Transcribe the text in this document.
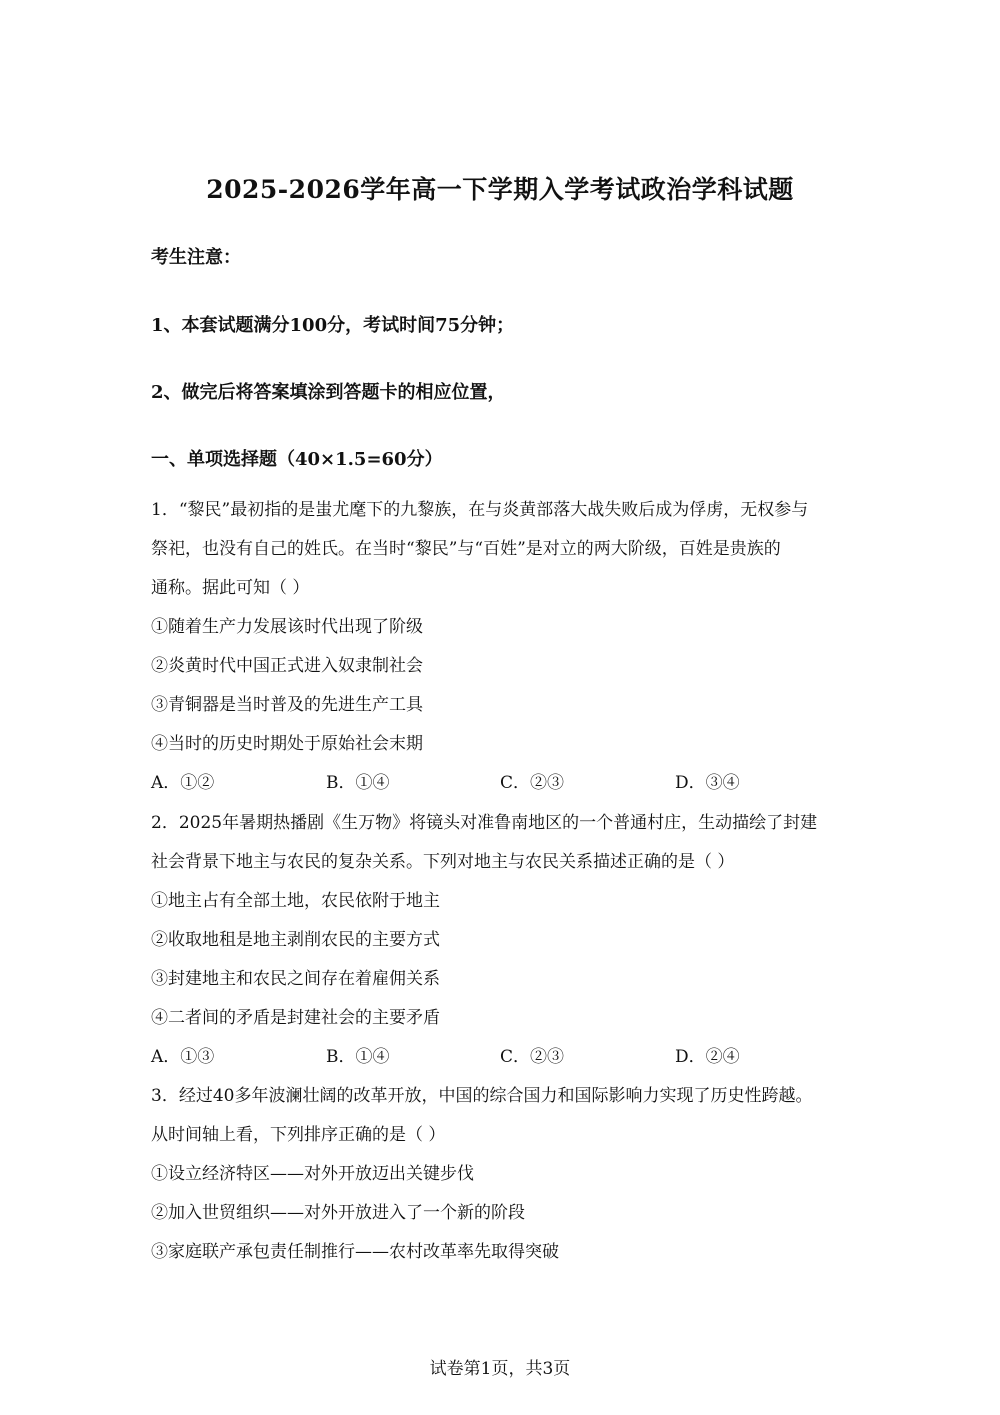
2025-2026学年高一下学期入学考试政治学科试题
考生注意：
1、本套试题满分100分，考试时间75分钟；
2、做完后将答案填涂到答题卡的相应位置，
一、单项选择题（40×1.5=60分）
1．“黎民”最初指的是蚩尤麾下的九黎族，在与炎黄部落大战失败后成为俘虏，无权参与
祭祀，也没有自己的姓氏。在当时“黎民”与“百姓”是对立的两大阶级，百姓是贵族的
通称。据此可知（ ）
①随着生产力发展该时代出现了阶级
②炎黄时代中国正式进入奴隶制社会
③青铜器是当时普及的先进生产工具
④当时的历史时期处于原始社会末期
A．①②	B．①④	C．②③	D．③④
2．2025年暑期热播剧《生万物》将镜头对准鲁南地区的一个普通村庄，生动描绘了封建
社会背景下地主与农民的复杂关系。下列对地主与农民关系描述正确的是（ ）
①地主占有全部土地，农民依附于地主
②收取地租是地主剥削农民的主要方式
③封建地主和农民之间存在着雇佣关系
④二者间的矛盾是封建社会的主要矛盾
A．①③	B．①④	C．②③	D．②④
3．经过40多年波澜壮阔的改革开放，中国的综合国力和国际影响力实现了历史性跨越。
从时间轴上看，下列排序正确的是（ ）
①设立经济特区——对外开放迈出关键步伐
②加入世贸组织——对外开放进入了一个新的阶段
③家庭联产承包责任制推行——农村改革率先取得突破
试卷第1页，共3页
